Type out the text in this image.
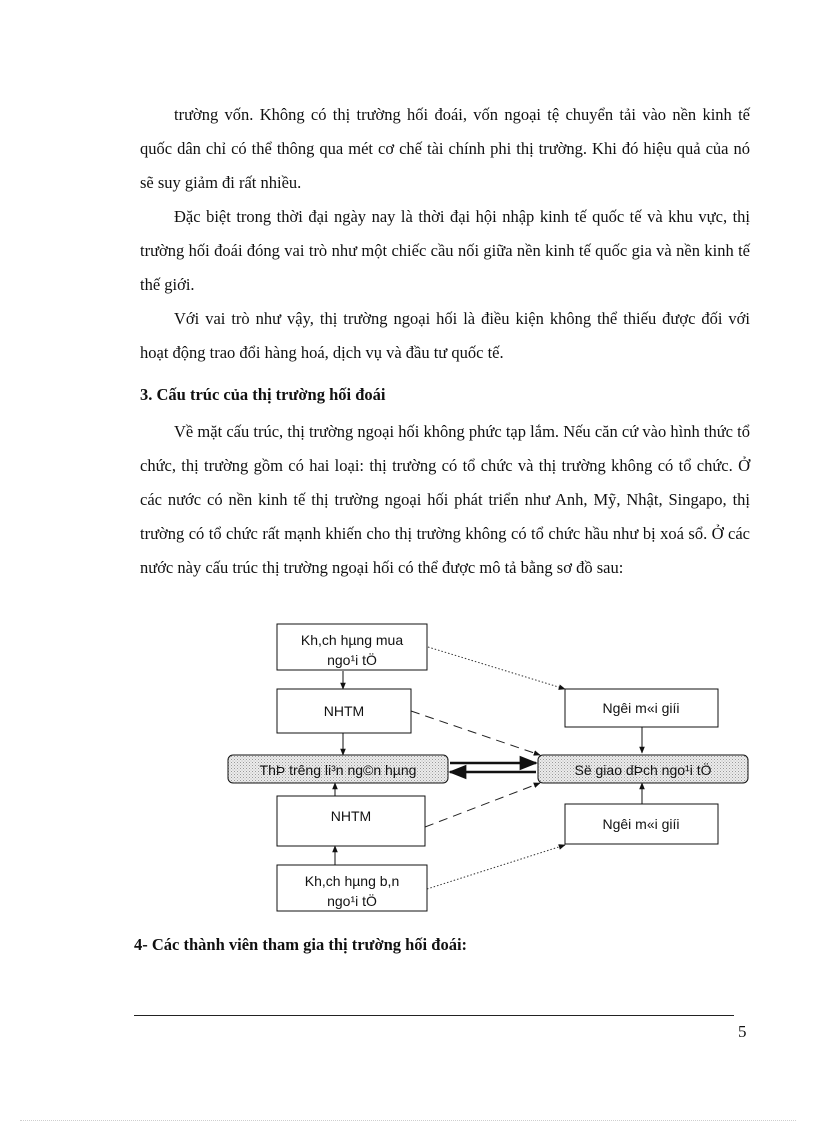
trường vốn. Không có thị trường hối đoái, vốn ngoại tệ chuyển tải vào nền kinh tế quốc dân chỉ có thể thông qua mét cơ chế tài chính phi thị trường. Khi đó hiệu quả của nó sẽ suy giảm đi rất nhiều.

Đặc biệt trong thời đại ngày nay là thời đại hội nhập kinh tế quốc tế và khu vực, thị trường hối đoái đóng vai trò như một chiếc cầu nối giữa nền kinh tế quốc gia và nền kinh tế thế giới.

Với vai trò như vậy, thị trường ngoại hối là điều kiện không thể thiếu được đối với hoạt động trao đổi hàng hoá, dịch vụ và đầu tư quốc tế.

3. Cấu trúc của thị trường hối đoái

Về mặt cấu trúc, thị trường ngoại hối không phức tạp lắm. Nếu căn cứ vào hình thức tổ chức, thị trường gồm có hai loại: thị trường có tổ chức và thị trường không có tổ chức. Ở các nước có nền kinh tế thị trường ngoại hối phát triển như Anh, Mỹ, Nhật, Singapo, thị trường có tổ chức rất mạnh khiến cho thị trường không có tổ chức hầu như bị xoá sổ. Ở các nước này cấu trúc thị trường ngoại hối có thể được mô tả bằng sơ đồ sau:

Kh,ch hµng mua
ngo¹i tÖ
NHTM
ThÞ trêng li³n ng©n hµng
NHTM
Kh,ch hµng b,n
ngo¹i tÖ
Ngêi m«i giíi
Së giao dÞch ngo¹i tÖ
Ngêi m«i giíi

4- Các thành viên tham gia thị trường hối đoái:

5
